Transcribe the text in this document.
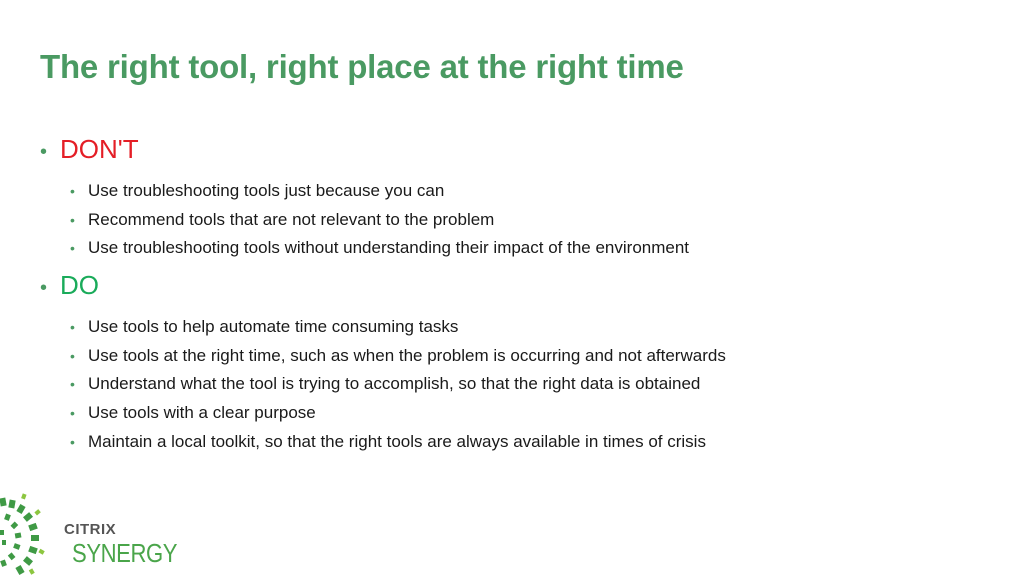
The right tool, right place at the right time
• DON'T
• Use troubleshooting tools just because you can
• Recommend tools that are not relevant to the problem
• Use troubleshooting tools without understanding their impact of the environment
• DO
• Use tools to help automate time consuming tasks
• Use tools at the right time, such as when the problem is occurring and not afterwards
• Understand what the tool is trying to accomplish, so that the right data is obtained
• Use tools with a clear purpose
• Maintain a local toolkit, so that the right tools are always available in times of crisis
CITRIX
SYNERGY
